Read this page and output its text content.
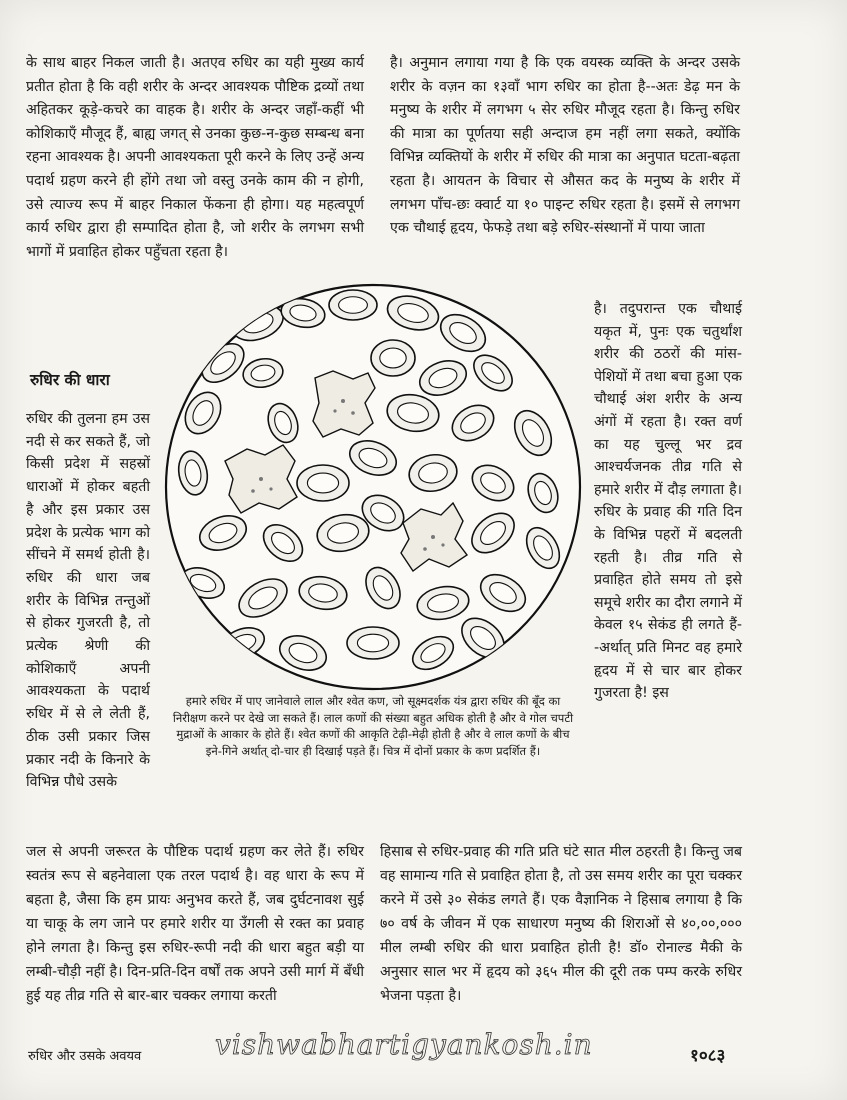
के साथ बाहर निकल जाती है। अतएव रुधिर का यही मुख्य कार्य प्रतीत होता है कि वही शरीर के अन्दर आवश्यक पौष्टिक द्रव्यों तथा अहितकर कूड़े-कचरे का वाहक है। शरीर के अन्दर जहाँ-कहीं भी कोशिकाएँ मौजूद हैं, बाह्य जगत् से उनका कुछ-न-कुछ सम्बन्ध बना रहना आवश्यक है। अपनी आवश्यकता पूरी करने के लिए उन्हें अन्य पदार्थ ग्रहण करने ही होंगे तथा जो वस्तु उनके काम की न होगी, उसे त्याज्य रूप में बाहर निकाल फेंकना ही होगा। यह महत्वपूर्ण कार्य रुधिर द्वारा ही सम्पादित होता है, जो शरीर के लगभग सभी भागों में प्रवाहित होकर पहुँचता रहता है।

है। अनुमान लगाया गया है कि एक वयस्क व्यक्ति के अन्दर उसके शरीर के वज़न का १३वाँ भाग रुधिर का होता है--अतः डेढ़ मन के मनुष्य के शरीर में लगभग ५ सेर रुधिर मौजूद रहता है। किन्तु रुधिर की मात्रा का पूर्णतया सही अन्दाज हम नहीं लगा सकते, क्योंकि विभिन्न व्यक्तियों के शरीर में रुधिर की मात्रा का अनुपात घटता-बढ़ता रहता है। आयतन के विचार से औसत कद के मनुष्य के शरीर में लगभग पाँच-छः क्वार्ट या १० पाइन्ट रुधिर रहता है। इसमें से लगभग एक चौथाई हृदय, फेफड़े तथा बड़े रुधिर-संस्थानों में पाया जाता

रुधिर की धारा

रुधिर की तुलना हम उस नदी से कर सकते हैं, जो किसी प्रदेश में सहस्रों धाराओं में होकर बहती है और इस प्रकार उस प्रदेश के प्रत्येक भाग को सींचने में समर्थ होती है। रुधिर की धारा जब शरीर के विभिन्न तन्तुओं से होकर गुजरती है, तो प्रत्येक श्रेणी की कोशिकाएँ अपनी आवश्यकता के पदार्थ रुधिर में से ले लेती हैं, ठीक उसी प्रकार जिस प्रकार नदी के किनारे के विभिन्न पौधे उसके

है। तदुपरान्त एक चौथाई यकृत में, पुनः एक चतुर्थांश शरीर की ठठरों की मांस-पेशियों में तथा बचा हुआ एक चौथाई अंश शरीर के अन्य अंगों में रहता है। रक्त वर्ण का यह चुल्लू भर द्रव आश्चर्यजनक तीव्र गति से हमारे शरीर में दौड़ लगाता है। रुधिर के प्रवाह की गति दिन के विभिन्न पहरों में बदलती रहती है। तीव्र गति से प्रवाहित होते समय तो इसे समूचे शरीर का दौरा लगाने में केवल १५ सेकंड ही लगते हैं--अर्थात् प्रति मिनट वह हमारे हृदय में से चार बार होकर गुजरता है! इस

हमारे रुधिर में पाए जानेवाले लाल और श्वेत कण, जो सूक्ष्मदर्शक यंत्र द्वारा रुधिर की बूँद का निरीक्षण करने पर देखे जा सकते हैं। लाल कणों की संख्या बहुत अधिक होती है और वे गोल चपटी मुद्राओं के आकार के होते हैं। श्वेत कणों की आकृति टेढ़ी-मेढ़ी होती है और वे लाल कणों के बीच इने-गिने अर्थात् दो-चार ही दिखाई पड़ते हैं। चित्र में दोनों प्रकार के कण प्रदर्शित हैं।

जल से अपनी जरूरत के पौष्टिक पदार्थ ग्रहण कर लेते हैं। रुधिर स्वतंत्र रूप से बहनेवाला एक तरल पदार्थ है। वह धारा के रूप में बहता है, जैसा कि हम प्रायः अनुभव करते हैं, जब दुर्घटनावश सुई या चाकू के लग जाने पर हमारे शरीर या उँगली से रक्त का प्रवाह होने लगता है। किन्तु इस रुधिर-रूपी नदी की धारा बहुत बड़ी या लम्बी-चौड़ी नहीं है। दिन-प्रति-दिन वर्षों तक अपने उसी मार्ग में बँधी हुई यह तीव्र गति से बार-बार चक्कर लगाया करती

हिसाब से रुधिर-प्रवाह की गति प्रति घंटे सात मील ठहरती है। किन्तु जब वह सामान्य गति से प्रवाहित होता है, तो उस समय शरीर का पूरा चक्कर करने में उसे ३० सेकंड लगते हैं। एक वैज्ञानिक ने हिसाब लगाया है कि ७० वर्ष के जीवन में एक साधारण मनुष्य की शिराओं से ४०,००,००० मील लम्बी रुधिर की धारा प्रवाहित होती है! डॉ० रोनाल्ड मैकी के अनुसार साल भर में हृदय को ३६५ मील की दूरी तक पम्प करके रुधिर भेजना पड़ता है।

रुधिर और उसके अवयव	vishwabhartigyankosh.in	१०८३
